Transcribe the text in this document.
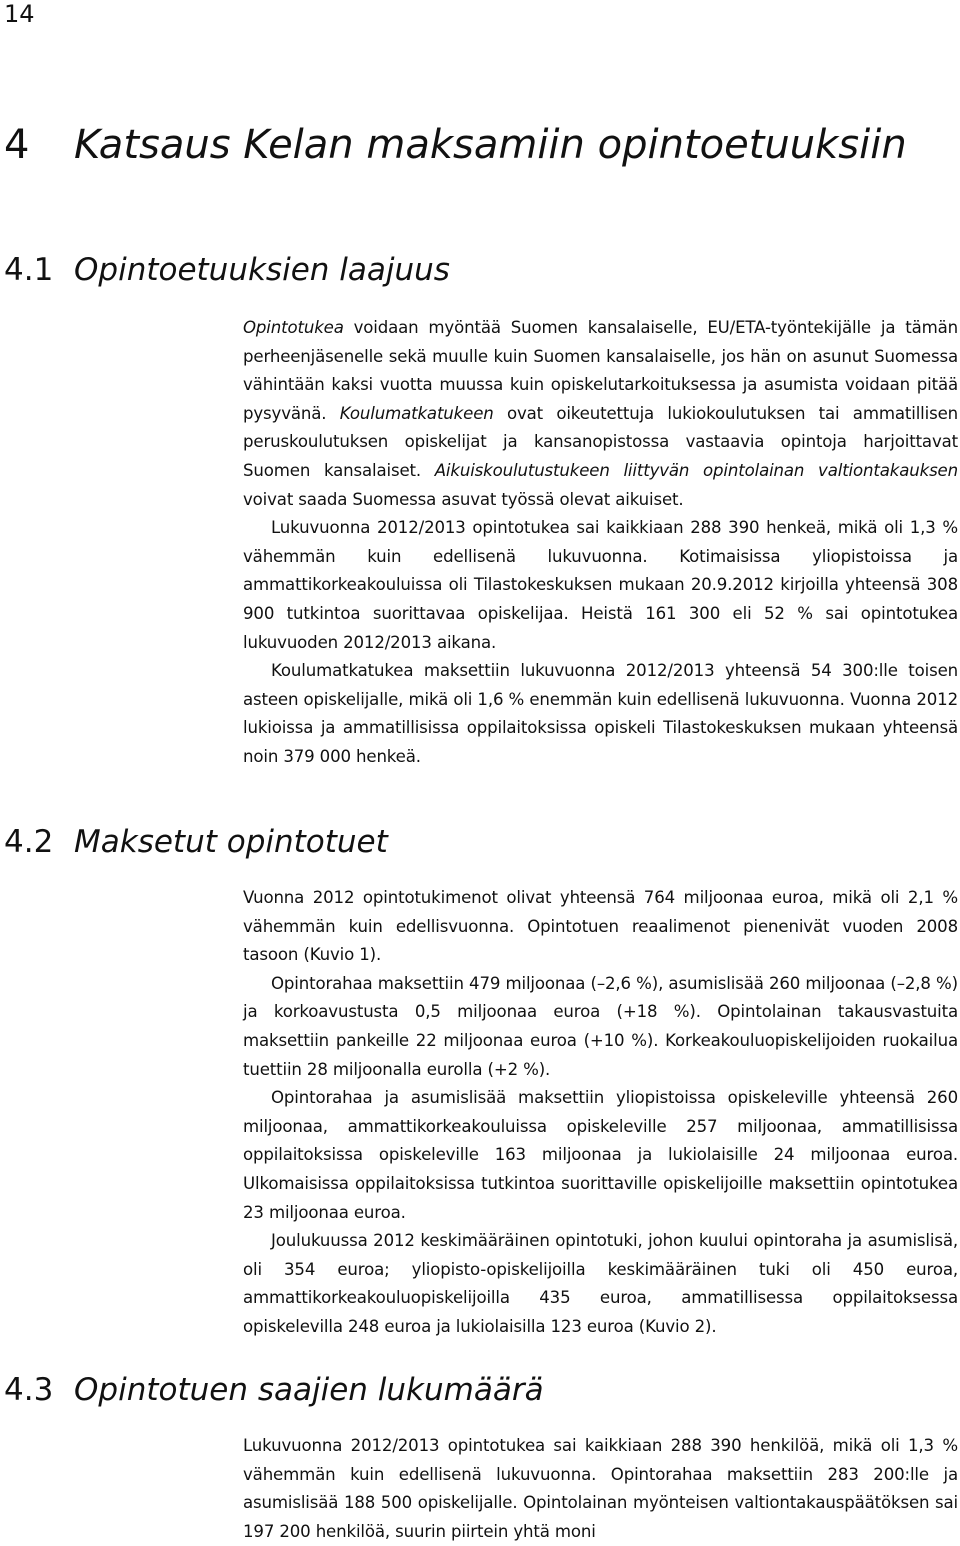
14
4 Katsaus Kelan maksamiin opintoetuuksiin
4.1 Opintoetuuksien laajuus

Opintotukea voidaan myöntää Suomen kansalaiselle, EU/ETA-työntekijälle ja tämän perheenjäsenelle sekä muulle kuin Suomen kansalaiselle, jos hän on asunut Suomessa vähintään kaksi vuotta muussa kuin opiskelutarkoituksessa ja asumista voidaan pitää pysyvänä. Koulumatkatukeen ovat oikeutettuja lukiokoulutuksen tai ammatillisen peruskoulutuksen opiskelijat ja kansanopistossa vastaavia opintoja harjoittavat Suomen kansalaiset. Aikuiskoulutustukeen liittyvän opintolainan valtiontakauksen voivat saada Suomessa asuvat työssä olevat aikuiset.

Lukuvuonna 2012/2013 opintotukea sai kaikkiaan 288 390 henkeä, mikä oli 1,3 % vähemmän kuin edellisenä lukuvuonna. Kotimaisissa yliopistoissa ja ammattikorkeakouluissa oli Tilastokeskuksen mukaan 20.9.2012 kirjoilla yhteensä 308 900 tutkintoa suorittavaa opiskelijaa. Heistä 161 300 eli 52 % sai opintotukea lukuvuoden 2012/2013 aikana.

Koulumatkatukea maksettiin lukuvuonna 2012/2013 yhteensä 54 300:lle toisen asteen opiskelijalle, mikä oli 1,6 % enemmän kuin edellisenä lukuvuonna. Vuonna 2012 lukioissa ja ammatillisissa oppilaitoksissa opiskeli Tilastokeskuksen mukaan yhteensä noin 379 000 henkeä.

4.2 Maksetut opintotuet

Vuonna 2012 opintotukimenot olivat yhteensä 764 miljoonaa euroa, mikä oli 2,1 % vähemmän kuin edellisvuonna. Opintotuen reaalimenot pienenivät vuoden 2008 tasoon (Kuvio 1).

Opintorahaa maksettiin 479 miljoonaa (–2,6 %), asumislisää 260 miljoonaa (–2,8 %) ja korkoavustusta 0,5 miljoonaa euroa (+18 %). Opintolainan takausvastuita maksettiin pankeille 22 miljoonaa euroa (+10 %). Korkeakouluopiskelijoiden ruokailua tuettiin 28 miljoonalla eurolla (+2 %).

Opintorahaa ja asumislisää maksettiin yliopistoissa opiskeleville yhteensä 260 miljoonaa, ammattikorkeakouluissa opiskeleville 257 miljoonaa, ammatillisissa oppilaitoksissa opiskeleville 163 miljoonaa ja lukiolaisille 24 miljoonaa euroa. Ulkomaisissa oppilaitoksissa tutkintoa suorittaville opiskelijoille maksettiin opintotukea 23 miljoonaa euroa.

Joulukuussa 2012 keskimääräinen opintotuki, johon kuului opintoraha ja asumislisä, oli 354 euroa; yliopisto-opiskelijoilla keskimääräinen tuki oli 450 euroa, ammattikorkeakouluopiskelijoilla 435 euroa, ammatillisessa oppilaitoksessa opiskelevilla 248 euroa ja lukiolaisilla 123 euroa (Kuvio 2).

4.3 Opintotuen saajien lukumäärä

Lukuvuonna 2012/2013 opintotukea sai kaikkiaan 288 390 henkilöä, mikä oli 1,3 % vähemmän kuin edellisenä lukuvuonna. Opintorahaa maksettiin 283 200:lle ja asumislisää 188 500 opiskelijalle. Opintolainan myönteisen valtiontakauspäätöksen sai 197 200 henkilöä, suurin piirtein yhtä moni
